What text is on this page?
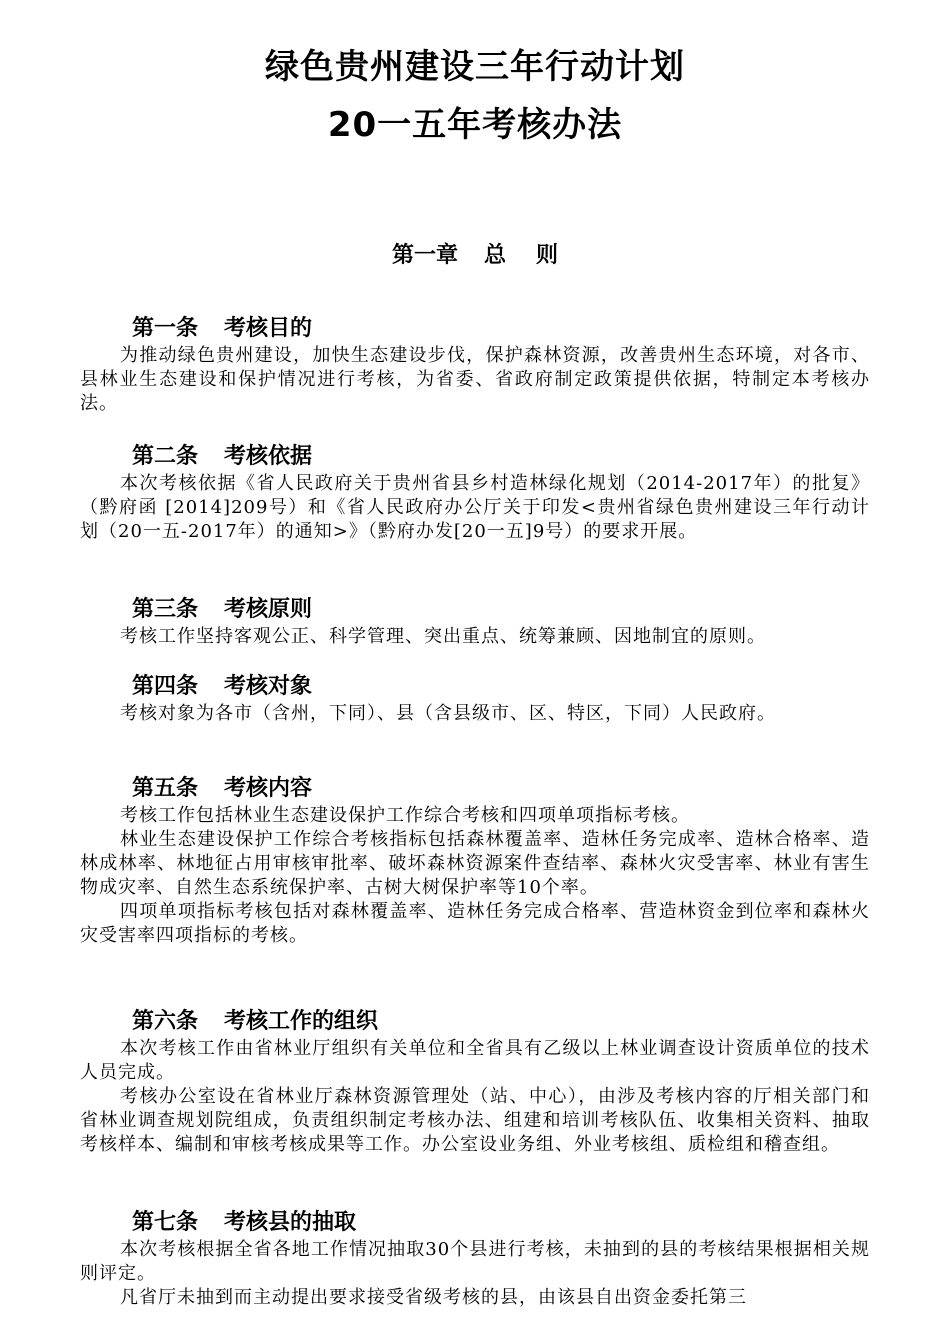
绿色贵州建设三年行动计划
20一五年考核办法
第一章 总 则

第一条 考核目的

为推动绿色贵州建设，加快生态建设步伐，保护森林资源，改善贵州生态环境，对各市、县林业生态建设和保护情况进行考核，为省委、省政府制定政策提供依据，特制定本考核办法。

第二条 考核依据

本次考核依据《省人民政府关于贵州省县乡村造林绿化规划（2014-2017年）的批复》（黔府函 [2014]209号）和《省人民政府办公厅关于印发<贵州省绿色贵州建设三年行动计划（20一五-2017年）的通知>》（黔府办发[20一五]9号）的要求开展。

第三条 考核原则

考核工作坚持客观公正、科学管理、突出重点、统筹兼顾、因地制宜的原则。

第四条 考核对象

考核对象为各市（含州，下同）、县（含县级市、区、特区，下同）人民政府。

第五条 考核内容

考核工作包括林业生态建设保护工作综合考核和四项单项指标考核。

林业生态建设保护工作综合考核指标包括森林覆盖率、造林任务完成率、造林合格率、造林成林率、林地征占用审核审批率、破坏森林资源案件查结率、森林火灾受害率、林业有害生物成灾率、自然生态系统保护率、古树大树保护率等10个率。

四项单项指标考核包括对森林覆盖率、造林任务完成合格率、营造林资金到位率和森林火灾受害率四项指标的考核。

第六条 考核工作的组织

本次考核工作由省林业厅组织有关单位和全省具有乙级以上林业调查设计资质单位的技术人员完成。

考核办公室设在省林业厅森林资源管理处（站、中心），由涉及考核内容的厅相关部门和省林业调查规划院组成，负责组织制定考核办法、组建和培训考核队伍、收集相关资料、抽取考核样本、编制和审核考核成果等工作。办公室设业务组、外业考核组、质检组和稽查组。

第七条 考核县的抽取

本次考核根据全省各地工作情况抽取30个县进行考核，未抽到的县的考核结果根据相关规则评定。

凡省厅未抽到而主动提出要求接受省级考核的县，由该县自出资金委托第三
